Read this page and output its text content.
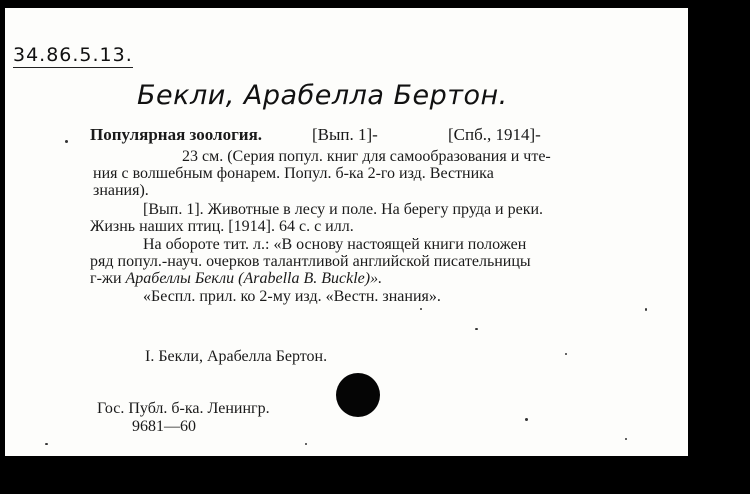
34.86.5.13.
Бекли, Арабелла Бертон.
Популярная зоология.	[Вып. 1]-	[Спб., 1914]-
23 см. (Серия попул. книг для самообразования и чте-
ния с волшебным фонарем. Попул. б-ка 2-го изд. Вестника
знания).
[Вып. 1]. Животные в лесу и поле. На берегу пруда и реки.
Жизнь наших птиц. [1914]. 64 с. с илл.
На обороте тит. л.: «В основу настоящей книги положен
ряд попул.-науч. очерков талантливой английской писательницы
г-жи Арабеллы Бекли (Arabella B. Buckle)».
«Беспл. прил. ко 2-му изд. «Вестн. знания».
I. Бекли, Арабелла Бертон.
Гос. Публ. б-ка. Ленингр.
9681—60
